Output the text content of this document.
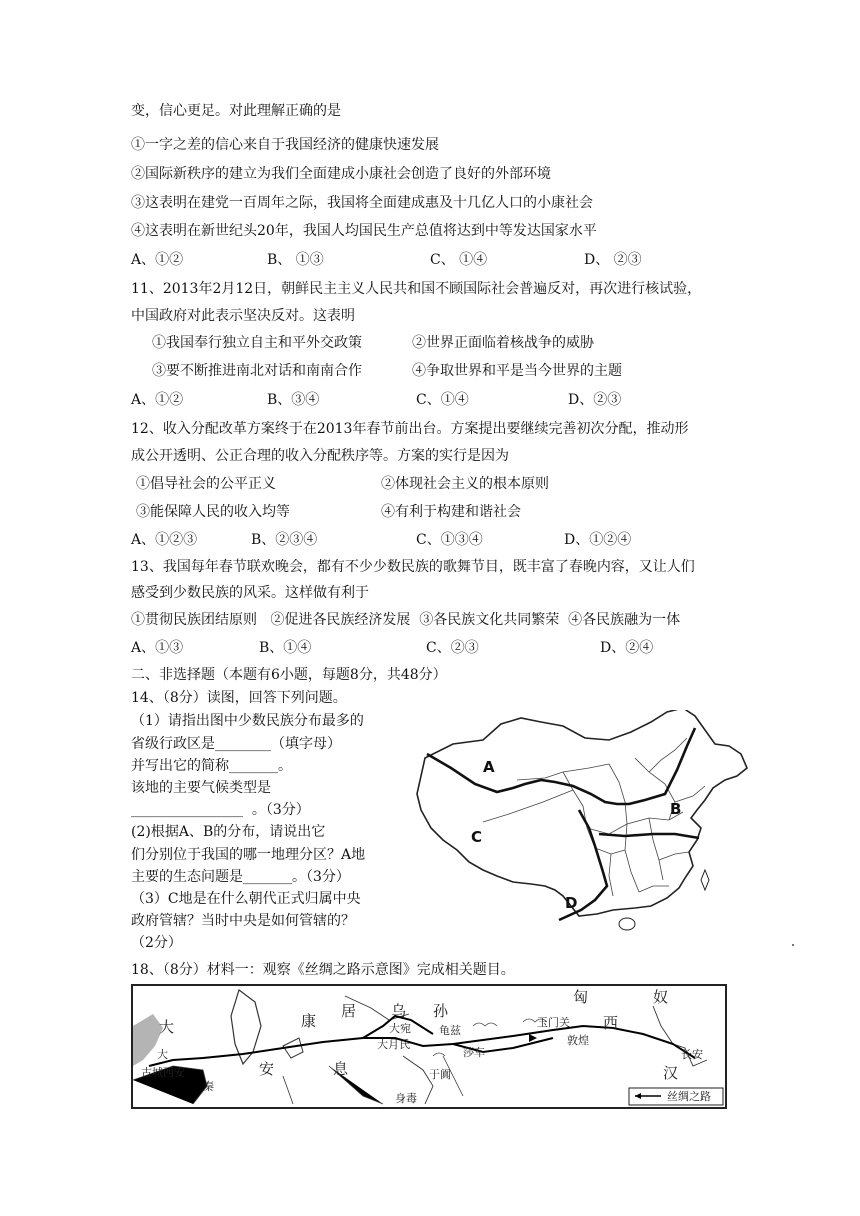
变，信心更足。对此理解正确的是
①一字之差的信心来自于我国经济的健康快速发展
②国际新秩序的建立为我们全面建成小康社会创造了良好的外部环境
③这表明在建党一百周年之际，我国将全面建成惠及十几亿人口的小康社会
④这表明在新世纪头20年，我国人均国民生产总值将达到中等发达国家水平
A、①②	B、 ①③	C、 ①④	D、 ②③
11、2013年2月12日，朝鲜民主主义人民共和国不顾国际社会普遍反对，再次进行核试验，
中国政府对此表示坚决反对。这表明
①我国奉行独立自主和平外交政策	②世界正面临着核战争的威胁
③要不断推进南北对话和南南合作	④争取世界和平是当今世界的主题
A、①②	B、③④	C、①④	D、②③
12、收入分配改革方案终于在2013年春节前出台。方案提出要继续完善初次分配，推动形
成公开透明、公正合理的收入分配秩序等。方案的实行是因为
①倡导社会的公平正义	②体现社会主义的根本原则
③能保障人民的收入均等	④有利于构建和谐社会
A、①②③	B、②③④	C、①③④	D、①②④
13、我国每年春节联欢晚会，都有不少少数民族的歌舞节目，既丰富了春晚内容，又让人们
感受到少数民族的风采。这样做有利于
①贯彻民族团结原则   ②促进各民族经济发展  ③各民族文化共同繁荣  ④各民族融为一体
A、①③	B、①④	C、②③	D、②④
二、非选择题（本题有6小题，每题8分，共48分）
14、（8分）读图，回答下列问题。
（1）请指出图中少数民族分布最多的
省级行政区是________（填字母）
并写出它的简称_______。
该地的主要气候类型是
________________  。（3分）
(2)根据A、B的分布，请说出它
们分别位于我国的哪一地理分区？A地
主要的生态问题是_______。（3分）
（3）C地是在什么朝代正式归属中央
政府管辖？当时中央是如何管辖的？
（2分）
A
B
C
D
18、（8分）材料一：观察《丝绸之路示意图》完成相关题目。
匈	奴
康
居 乌 孙
大
安	息
西
汉
长安
大月氏
莎车
龟兹
敦煌
玉门关
于阗
身毒
大
秦
大宛
古城西安
丝绸之路
